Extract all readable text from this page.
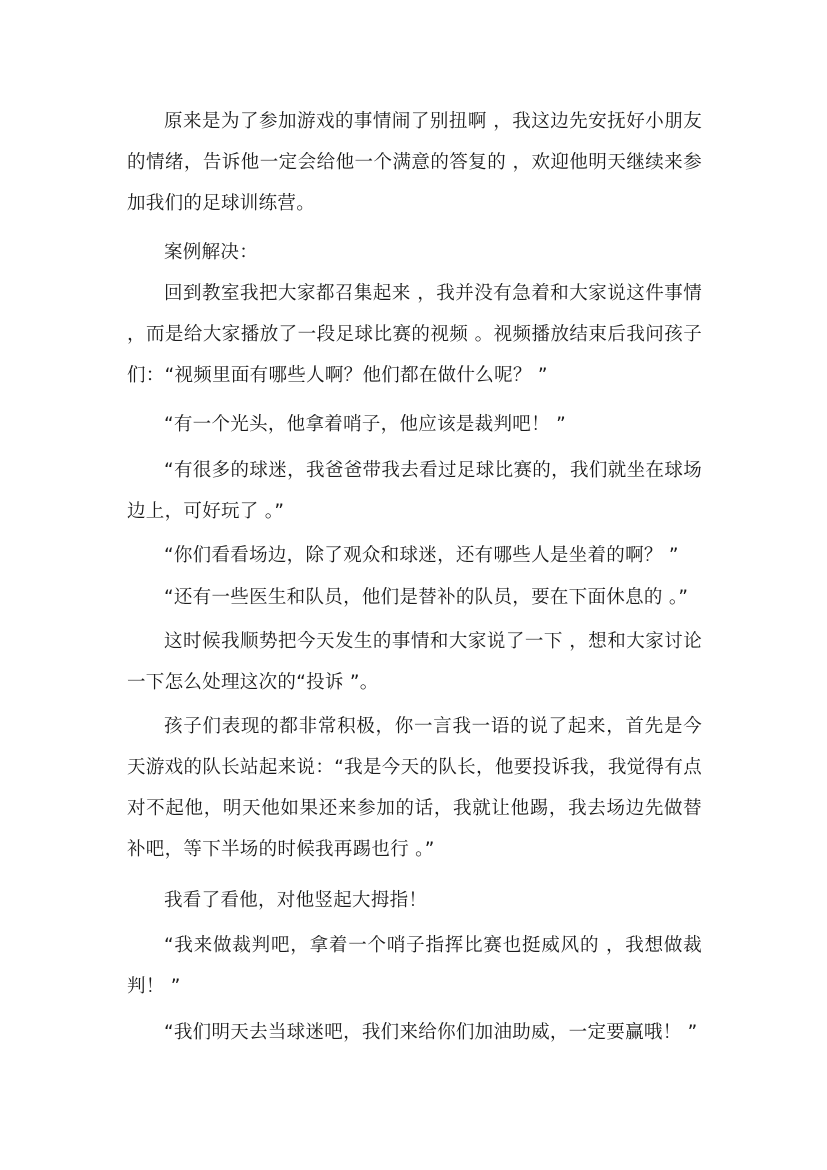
原来是为了参加游戏的事情闹了别扭啊 ，我这边先安抚好小朋友的情绪，告诉他一定会给他一个满意的答复的 ，欢迎他明天继续来参加我们的足球训练营。

案例解决：

回到教室我把大家都召集起来 ，我并没有急着和大家说这件事情 ，而是给大家播放了一段足球比赛的视频 。视频播放结束后我问孩子们：“视频里面有哪些人啊？他们都在做什么呢？ ”

“有一个光头，他拿着哨子，他应该是裁判吧！ ”

“有很多的球迷，我爸爸带我去看过足球比赛的，我们就坐在球场边上，可好玩了 。”

“你们看看场边，除了观众和球迷，还有哪些人是坐着的啊？ ”

“还有一些医生和队员，他们是替补的队员，要在下面休息的 。”

这时候我顺势把今天发生的事情和大家说了一下 ，想和大家讨论一下怎么处理这次的“投诉 ”。

孩子们表现的都非常积极，你一言我一语的说了起来，首先是今天游戏的队长站起来说：“我是今天的队长，他要投诉我，我觉得有点对不起他，明天他如果还来参加的话，我就让他踢，我去场边先做替补吧，等下半场的时候我再踢也行 。”

我看了看他，对他竖起大拇指！

“我来做裁判吧，拿着一个哨子指挥比赛也挺威风的 ，我想做裁判！ ”

“我们明天去当球迷吧，我们来给你们加油助威，一定要赢哦！ ”
